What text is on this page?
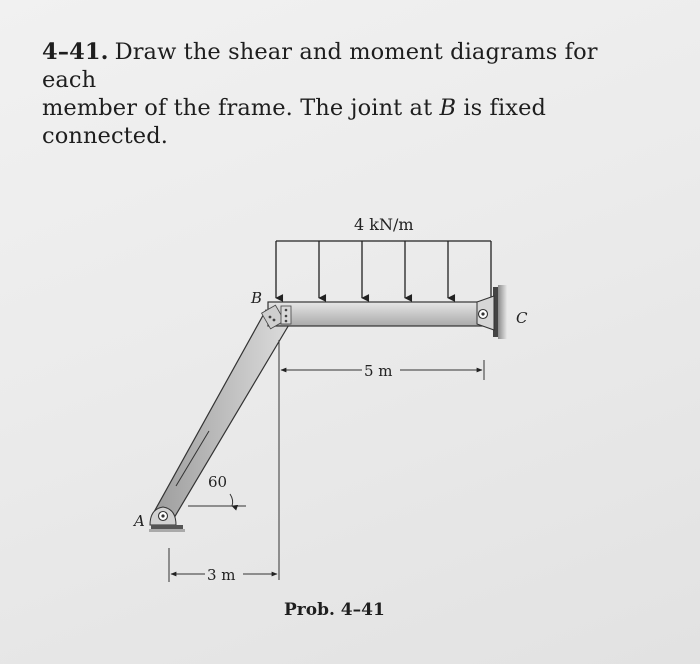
4–41. Draw the shear and moment diagrams for each
member of the frame. The joint at B is fixed connected.
4 kN/m
B
C
A
60
5 m
3 m
Prob. 4–41
